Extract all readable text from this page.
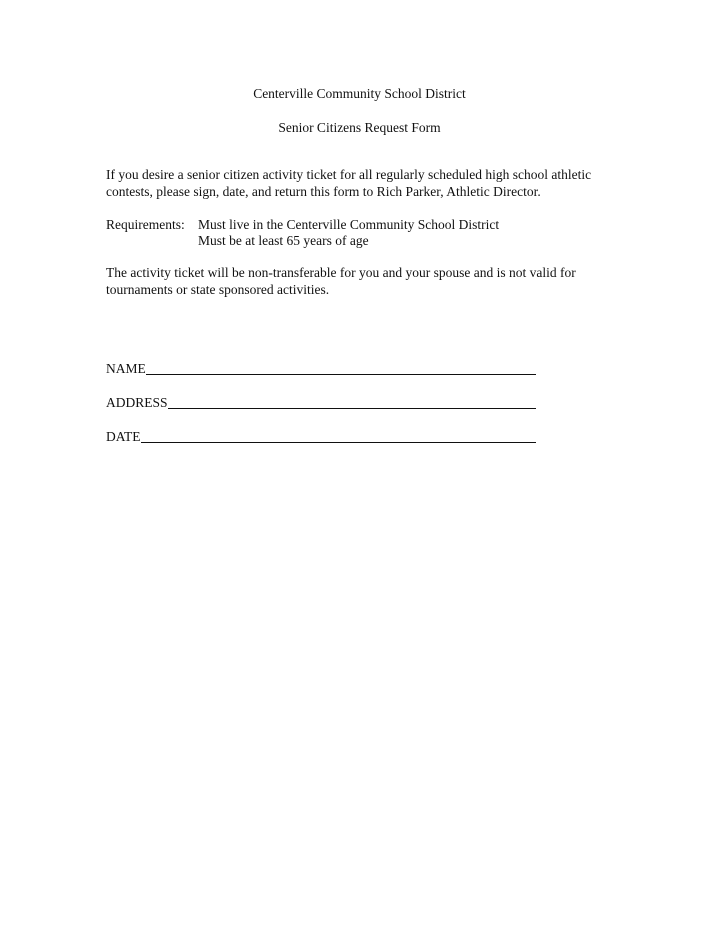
Centerville Community School District
Senior Citizens Request Form
If you desire a senior citizen activity ticket for all regularly scheduled high school athletic
contests, please sign, date, and return this form to Rich Parker, Athletic Director.
Requirements: Must live in the Centerville Community School District
Must be at least 65 years of age
The activity ticket will be non-transferable for you and your spouse and is not valid for
tournaments or state sponsored activities.
NAME
ADDRESS
DATE
